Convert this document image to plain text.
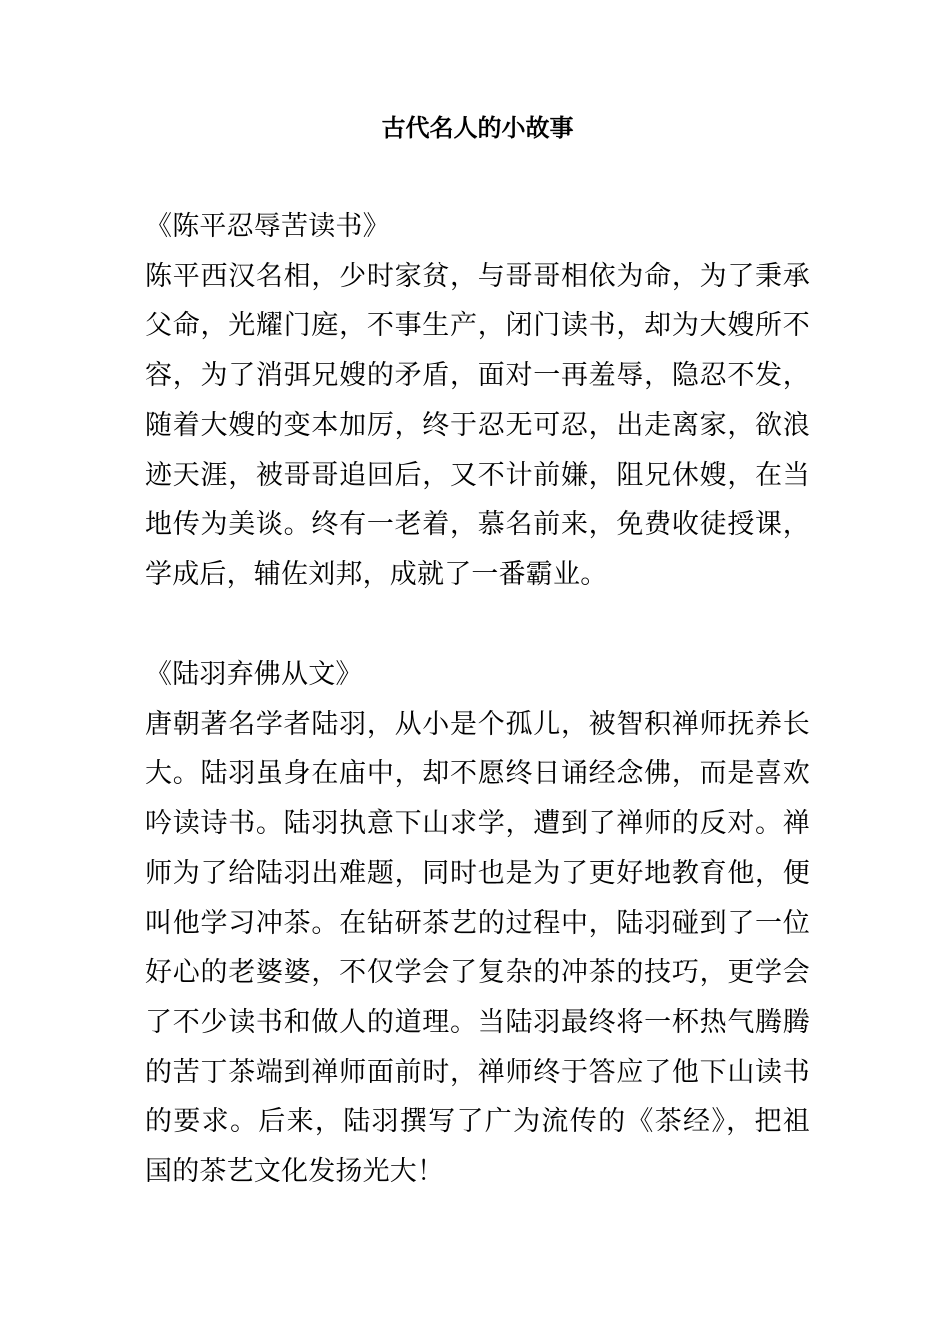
古代名人的小故事

《陈平忍辱苦读书》

陈平西汉名相，少时家贫，与哥哥相依为命，为了秉承父命，光耀门庭，不事生产，闭门读书，却为大嫂所不容，为了消弭兄嫂的矛盾，面对一再羞辱，隐忍不发，随着大嫂的变本加厉，终于忍无可忍，出走离家，欲浪迹天涯，被哥哥追回后，又不计前嫌，阻兄休嫂，在当地传为美谈。终有一老着，慕名前来，免费收徒授课，学成后，辅佐刘邦，成就了一番霸业。

《陆羽弃佛从文》

唐朝著名学者陆羽，从小是个孤儿，被智积禅师抚养长大。陆羽虽身在庙中，却不愿终日诵经念佛，而是喜欢吟读诗书。陆羽执意下山求学，遭到了禅师的反对。禅师为了给陆羽出难题，同时也是为了更好地教育他，便叫他学习冲茶。在钻研茶艺的过程中，陆羽碰到了一位好心的老婆婆，不仅学会了复杂的冲茶的技巧，更学会了不少读书和做人的道理。当陆羽最终将一杯热气腾腾的苦丁茶端到禅师面前时，禅师终于答应了他下山读书的要求。后来，陆羽撰写了广为流传的《茶经》，把祖国的茶艺文化发扬光大！
